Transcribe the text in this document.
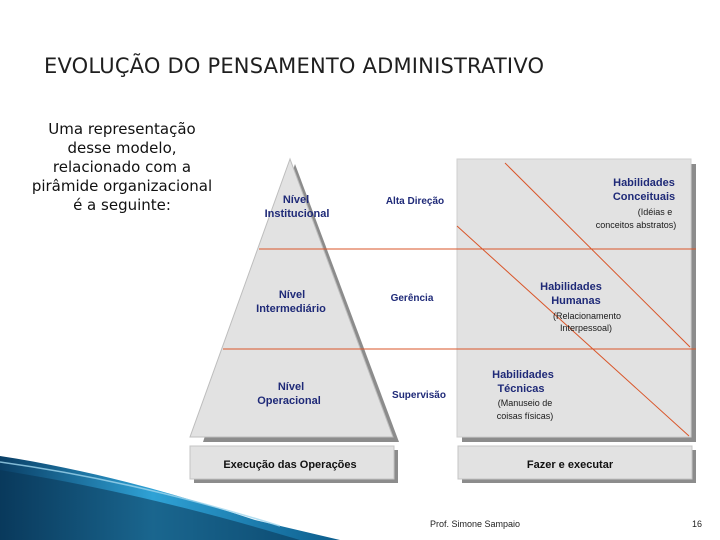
EVOLUÇÃO DO PENSAMENTO ADMINISTRATIVO
Uma representação
desse modelo,
relacionado com a
pirâmide organizacional
é a seguinte:	Nível
Institucional
Nível
Intermediário
Nível
Operacional
Alta Direção
Gerência
Supervisão
Habilidades
Conceituais
(Idéias e
conceitos abstratos)
Habilidades
Humanas
(Relacionamento
Interpessoal)
Habilidades
Técnicas
(Manuseio de
coisas físicas)
Execução das Operações	Fazer e executar
Prof. Simone Sampaio	16
